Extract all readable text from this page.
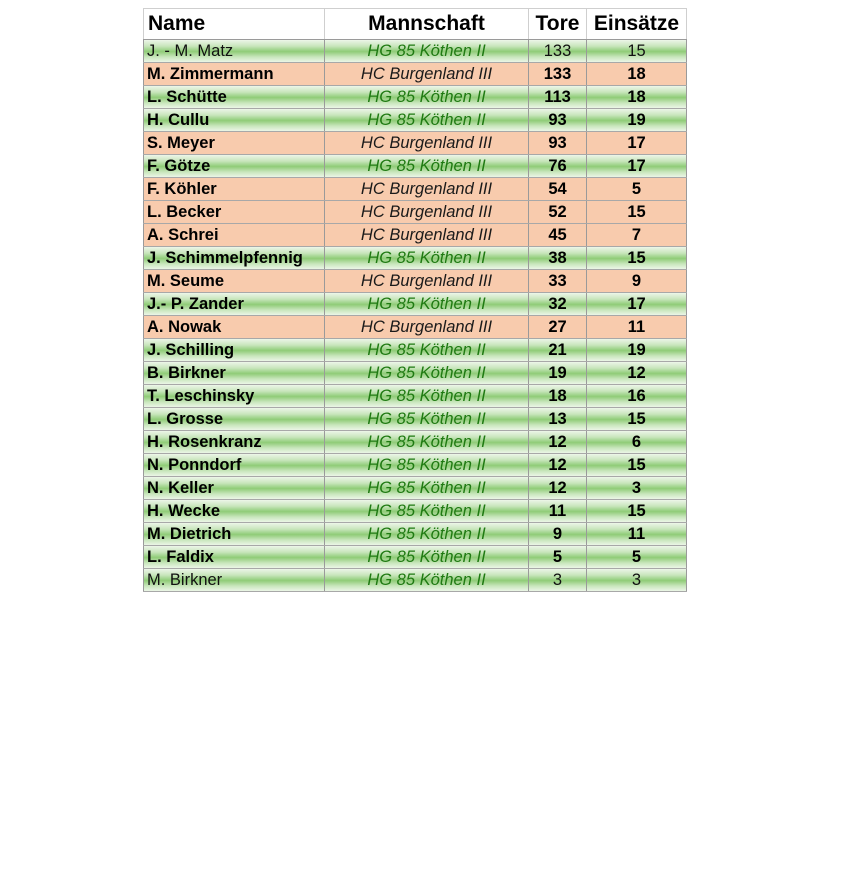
Name	Mannschaft	Tore	Einsätze
J. - M. Matz	HG 85 Köthen II	133	15
M. Zimmermann	HC Burgenland III	133	18
L. Schütte	HG 85 Köthen II	113	18
H. Cullu	HG 85 Köthen II	93	19
S. Meyer	HC Burgenland III	93	17
F. Götze	HG 85 Köthen II	76	17
F. Köhler	HC Burgenland III	54	5
L. Becker	HC Burgenland III	52	15
A. Schrei	HC Burgenland III	45	7
J. Schimmelpfennig	HG 85 Köthen II	38	15
M. Seume	HC Burgenland III	33	9
J.- P. Zander	HG 85 Köthen II	32	17
A. Nowak	HC Burgenland III	27	11
J. Schilling	HG 85 Köthen II	21	19
B. Birkner	HG 85 Köthen II	19	12
T. Leschinsky	HG 85 Köthen II	18	16
L. Grosse	HG 85 Köthen II	13	15
H. Rosenkranz	HG 85 Köthen II	12	6
N. Ponndorf	HG 85 Köthen II	12	15
N. Keller	HG 85 Köthen II	12	3
H. Wecke	HG 85 Köthen II	11	15
M. Dietrich	HG 85 Köthen II	9	11
L. Faldix	HG 85 Köthen II	5	5
M. Birkner	HG 85 Köthen II	3	3
